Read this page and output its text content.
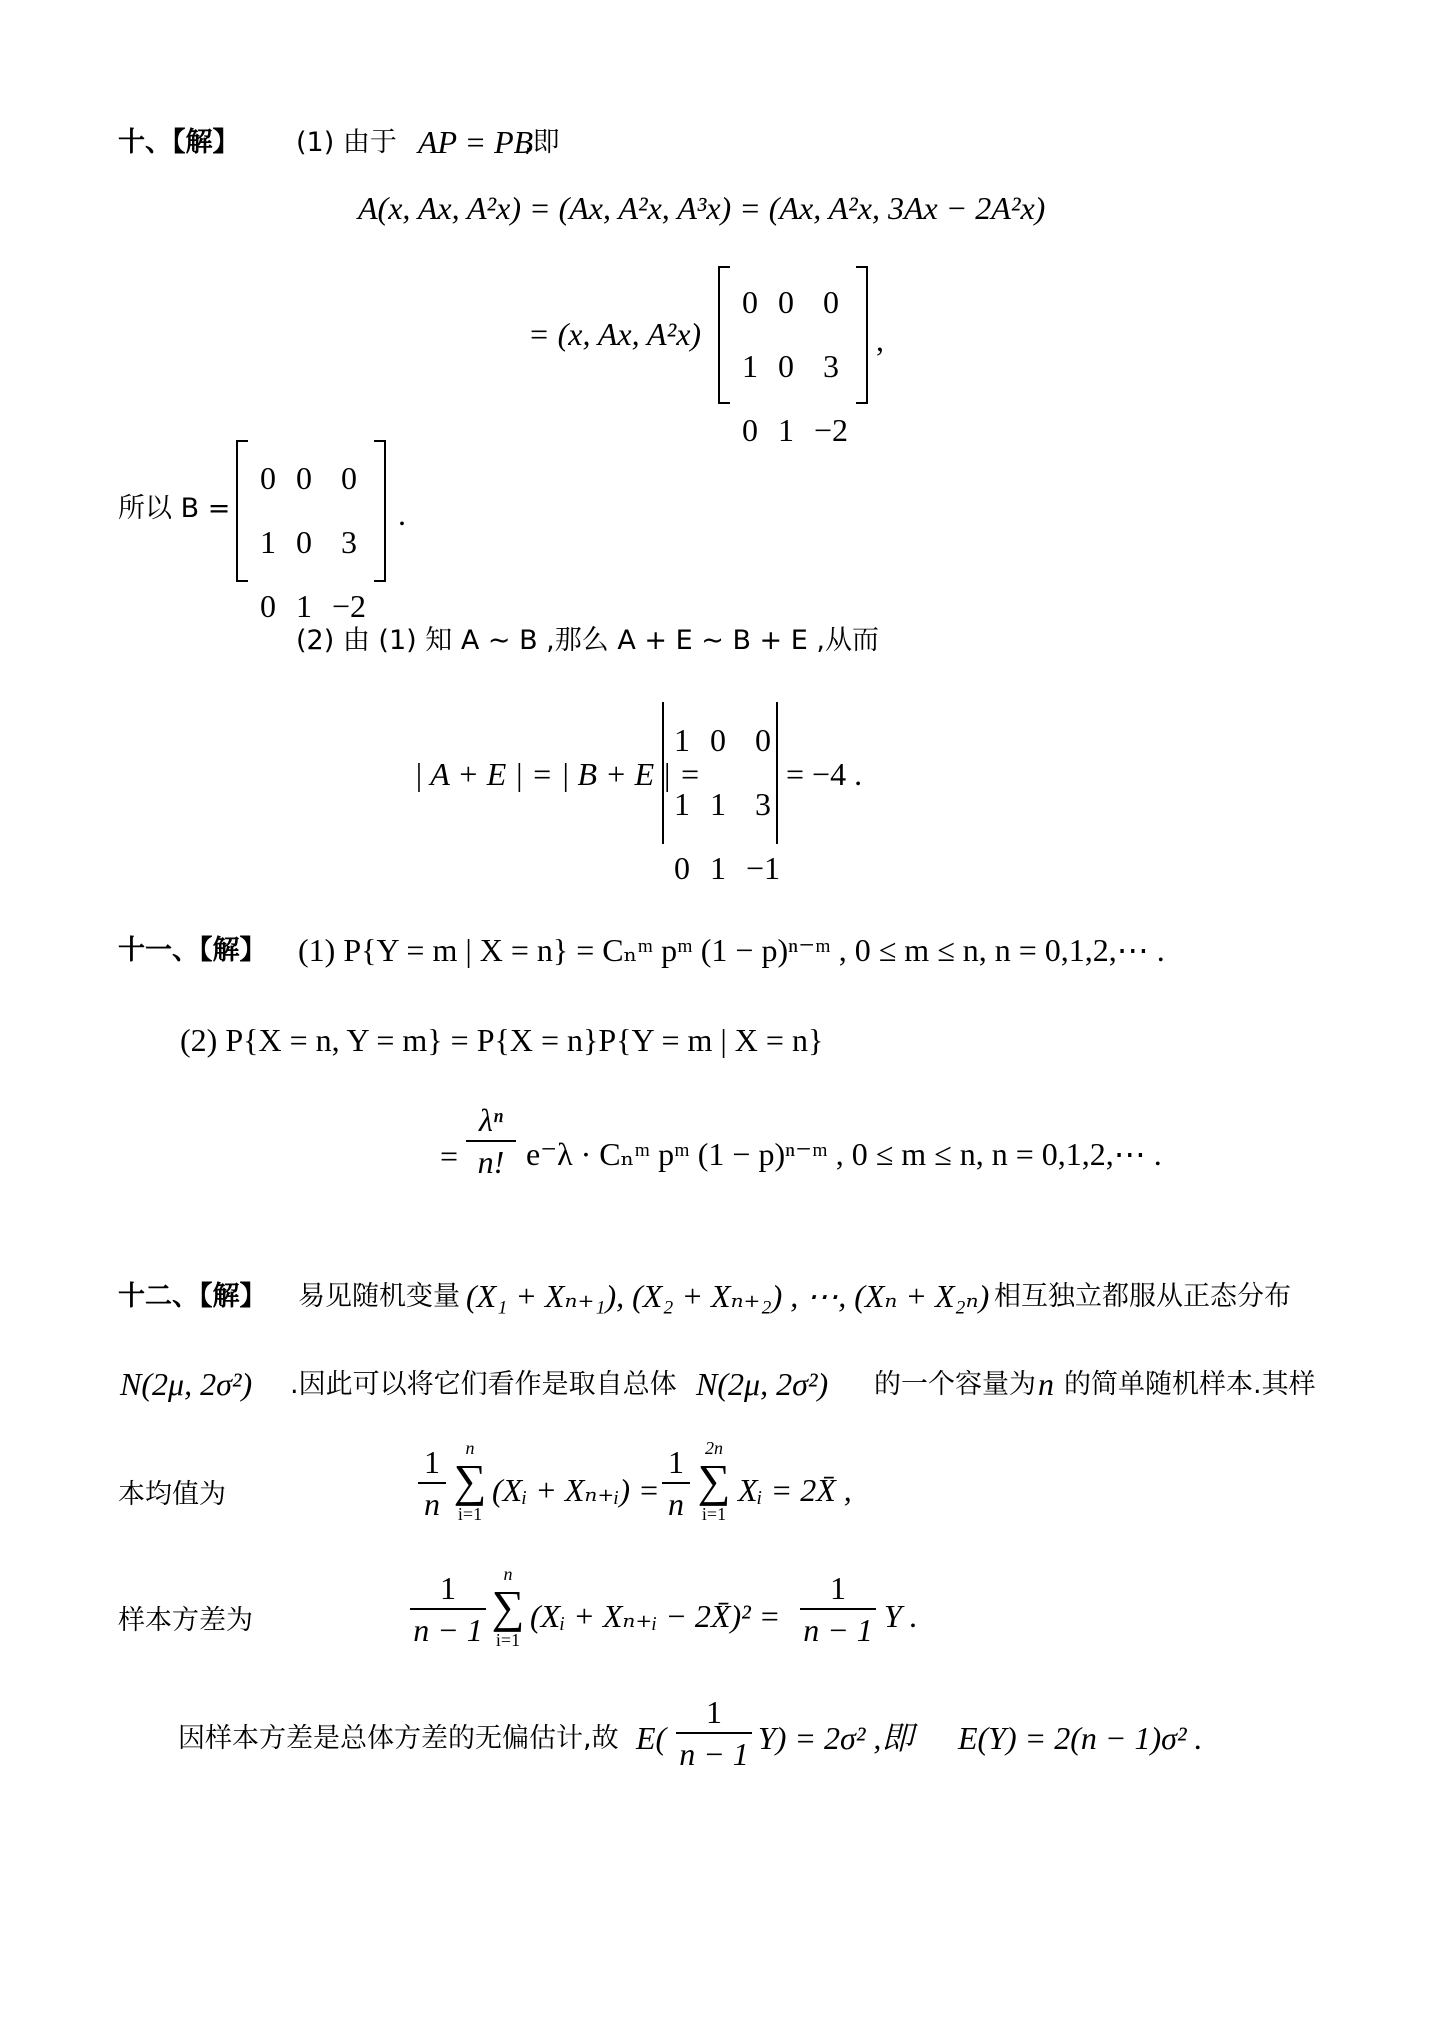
十、【解】 (1) 由于 AP = PB
,即
A(x, Ax, A²x) = (Ax, A²x, A³x) = (Ax, A²x, 3Ax − 2A²x)
= (x, Ax, A²x)
0	0	0
1	0	3
0	1	−2
,
所以 B =
0	0	0
1	0	3
0	1	−2
.
(2) 由 (1) 知 A ∼ B ,那么 A + E ∼ B + E ,从而
| A + E | = | B + E | =
1	0	0
1	1	3
0	1	−1
= −4 .
十一、【解】 (1) P{Y = m | X = n} = Cₙᵐ pᵐ (1 − p)ⁿ⁻ᵐ , 0 ≤ m ≤ n, n = 0,1,2,⋯ .
(2) P{X = n, Y = m} = P{X = n}P{Y = m | X = n}
= $\frac{\text{λⁿ}}{n!} e^-\lambda$ · Cₙᵐ pᵐ (1 − p)ⁿ⁻ᵐ , 0 ≤ m ≤ n, n = 0,1,2,⋯ .
十二、【解】 易见随机变量 (X₁ + Xₙ₊₁), (X₂ + Xₙ₊₂) , ⋯, (Xₙ + X₂ₙ) 相互独立都服从正态分布
N(2μ, 2σ²) .因此可以将它们看作是取自总体 N(2μ, 2σ²) 的一个容量为 n 的简单随机样本.其样
本均值为	$\frac{1}{n}$	n
∑
i=1
(Xᵢ + Xₙ₊ᵢ) = $\frac{1}{n} 2n$
∑
i=1
Xᵢ = 2X̄ ,
样本方差为	$\frac{1}{n - 1}$ n
∑
i=1
(Xᵢ + Xₙ₊ᵢ − 2X̄)² = $\frac{1}{n - 1}$ Y .
因样本方差是总体方差的无偏估计,故 $E( \frac{1}{n - 1} Y) = 2\sigma^2$ ,即 E(Y) = 2(n − 1)σ² .
